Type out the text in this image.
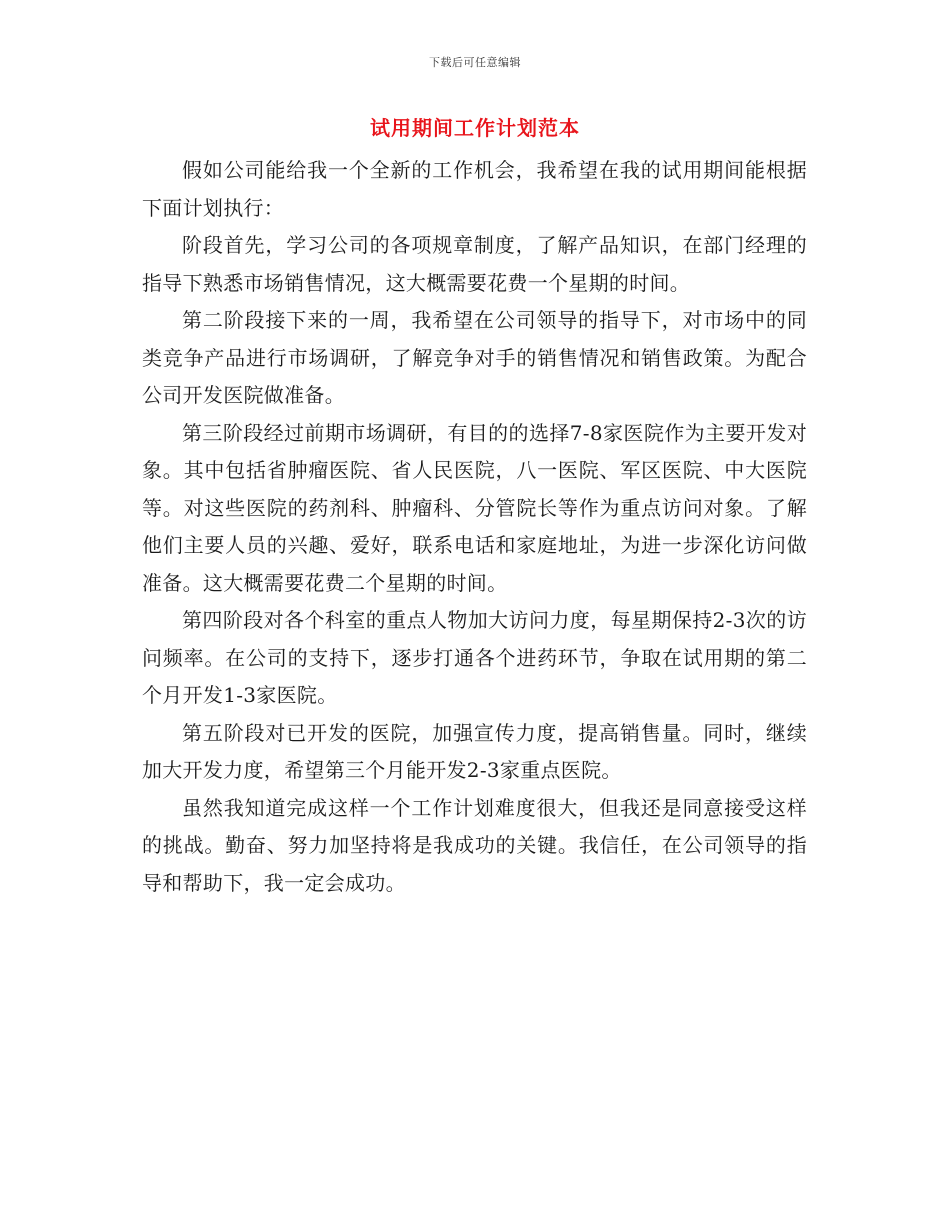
下载后可任意编辑
试用期间工作计划范本

假如公司能给我一个全新的工作机会，我希望在我的试用期间能根据下面计划执行：

阶段首先，学习公司的各项规章制度，了解产品知识，在部门经理的指导下熟悉市场销售情况，这大概需要花费一个星期的时间。

第二阶段接下来的一周，我希望在公司领导的指导下，对市场中的同类竞争产品进行市场调研，了解竞争对手的销售情况和销售政策。为配合公司开发医院做准备。

第三阶段经过前期市场调研，有目的的选择7-8家医院作为主要开发对象。其中包括省肿瘤医院、省人民医院，八一医院、军区医院、中大医院等。对这些医院的药剂科、肿瘤科、分管院长等作为重点访问对象。了解他们主要人员的兴趣、爱好，联系电话和家庭地址，为进一步深化访问做准备。这大概需要花费二个星期的时间。

第四阶段对各个科室的重点人物加大访问力度，每星期保持2-3次的访问频率。在公司的支持下，逐步打通各个进药环节，争取在试用期的第二个月开发1-3家医院。

第五阶段对已开发的医院，加强宣传力度，提高销售量。同时，继续加大开发力度，希望第三个月能开发2-3家重点医院。

虽然我知道完成这样一个工作计划难度很大，但我还是同意接受这样的挑战。勤奋、努力加坚持将是我成功的关键。我信任，在公司领导的指导和帮助下，我一定会成功。
